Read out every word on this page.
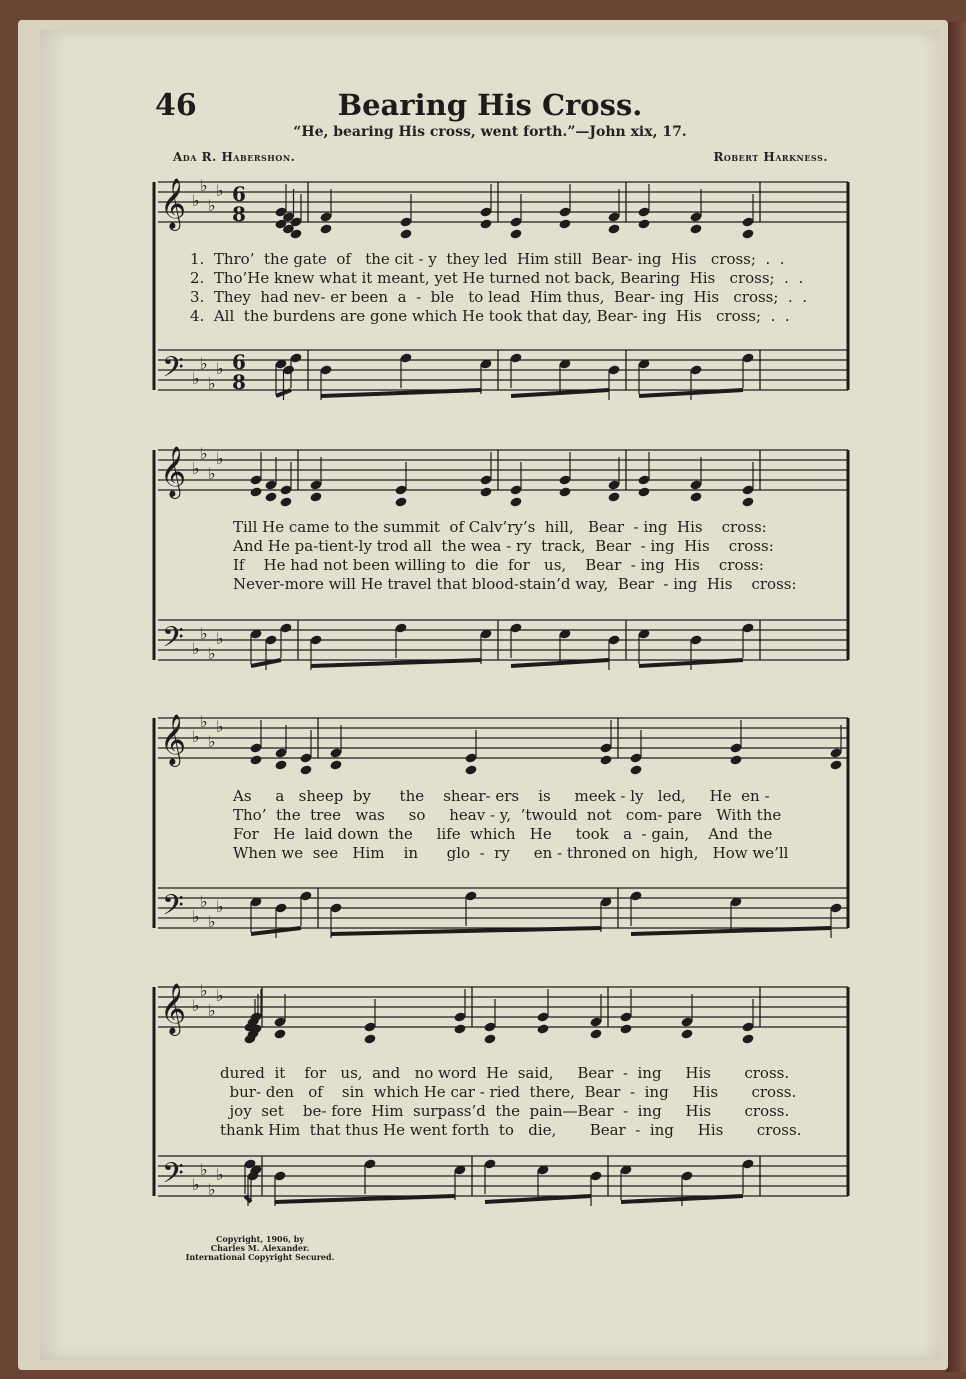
46	Bearing His Cross.
“He, bearing His cross, went forth.”—John xix, 17.
Ada R. Habershon.	Robert Harkness.
𝄞 ♭
♭
♭
♭
𝄢 ♭
♭
♭
♭
6
8
6
8
𝄞 ♭
♭
♭
♭
𝄢 ♭
♭
♭
♭
𝄞 ♭
♭
♭
♭
𝄢 ♭
♭
♭
♭
𝄞 ♭
♭
♭
♭
𝄢 ♭
♭
♭
♭
1.  Thro’  the gate  of   the cit - y  they led  Him still  Bear- ing  His   cross;  .  .
2.  Tho’He knew what it meant, yet He turned not back, Bearing  His   cross;  .  .
3.  They  had nev- er been  a  -  ble   to lead  Him thus,  Bear- ing  His   cross;  .  .
4.  All  the burdens are gone which He took that day, Bear- ing  His   cross;  .  .
Till He came to the summit  of Calv’ry’s  hill,   Bear  - ing  His    cross:
And He pa-tient-ly trod all  the wea - ry  track,  Bear  - ing  His    cross:
If    He had not been willing to  die  for   us,    Bear  - ing  His    cross:
Never-more will He travel that blood-stain’d way,  Bear  - ing  His    cross:
As     a   sheep  by      the    shear- ers    is     meek - ly   led,     He  en -
Tho’  the  tree   was     so     heav - y,  ’twould  not   com- pare   With the
For   He  laid down  the     life  which   He     took   a  - gain,    And  the
When we  see   Him    in      glo  -  ry     en - throned on  high,   How we’ll
dured  it    for   us,  and   no word  He  said,     Bear  -  ing     His       cross.
bur- den   of    sin  which He car - ried  there,  Bear  -  ing     His       cross.
joy  set    be- fore  Him  surpass’d  the  pain—Bear  -  ing     His       cross.
thank Him  that thus He went forth  to   die,       Bear  -  ing     His       cross.
Copyright, 1906, by
Charles M. Alexander.
International Copyright Secured.
